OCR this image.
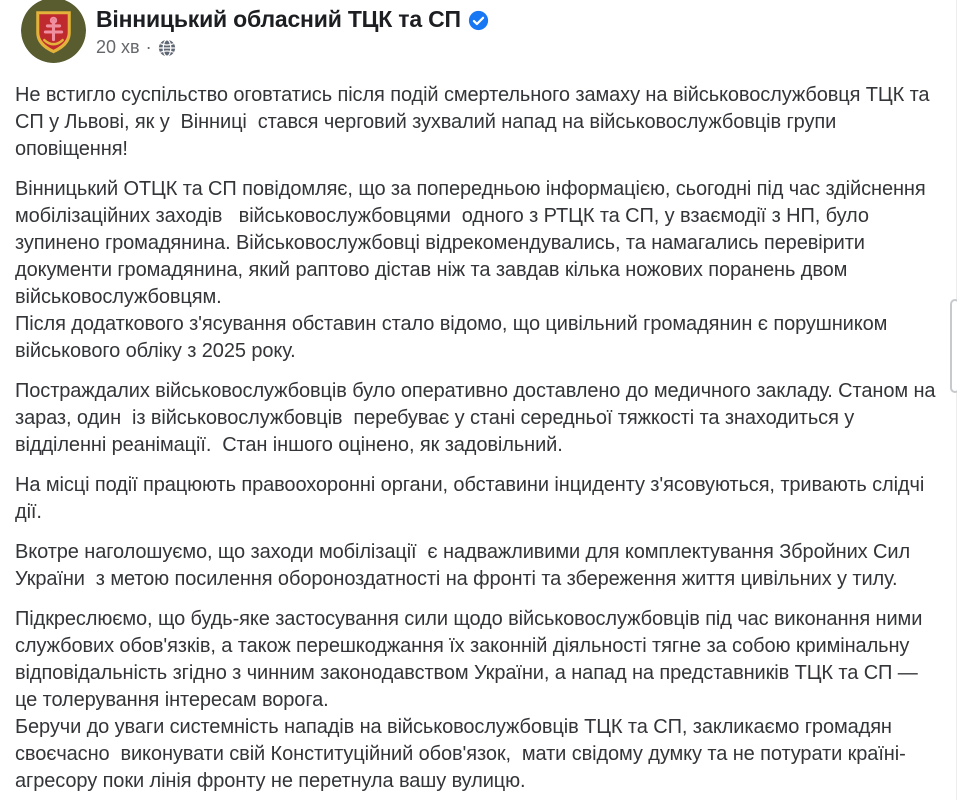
Вінницький обласний ТЦК та СП
20 хв ·

Не встигло суспільство оговтатись після подій смертельного замаху на військовослужбовця ТЦК та СП у Львові, як у  Вінниці  стався черговий зухвалий напад на військовослужбовців групи оповіщення!

Вінницький ОТЦК та СП повідомляє, що за попередньою інформацією, сьогодні під час здійснення мобілізаційних заходів   військовослужбовцями  одного з РТЦК та СП, у взаємодії з НП, було зупинено громадянина. Військовослужбовці відрекомендувались, та намагались перевірити документи громадянина, який раптово дістав ніж та завдав кілька ножових поранень двом військовослужбовцям.

Після додаткового з'ясування обставин стало відомо, що цивільний громадянин є порушником військового обліку з 2025 року.

Постраждалих військовослужбовців було оперативно доставлено до медичного закладу. Станом на зараз, один  із військовослужбовців  перебуває у стані середньої тяжкості та знаходиться у відділенні реанімації.  Стан іншого оцінено, як задовільний.

На місці події працюють правоохоронні органи, обставини інциденту з'ясовуються, тривають слідчі дії.

Вкотре наголошуємо, що заходи мобілізації  є надважливими для комплектування Збройних Сил України  з метою посилення обороноздатності на фронті та збереження життя цивільних у тилу.

Підкреслюємо, що будь-яке застосування сили щодо військовослужбовців під час виконання ними службових обов'язків, а також перешкоджання їх законній діяльності тягне за собою кримінальну відповідальність згідно з чинним законодавством України, а напад на представників ТЦК та СП — це толерування інтересам ворога.

Беручи до уваги системність нападів на військовослужбовців ТЦК та СП, закликаємо громадян своєчасно  виконувати свій Конституційний обов'язок,  мати свідому думку та не потурати країні-агресору поки лінія фронту не перетнула вашу вулицю.
